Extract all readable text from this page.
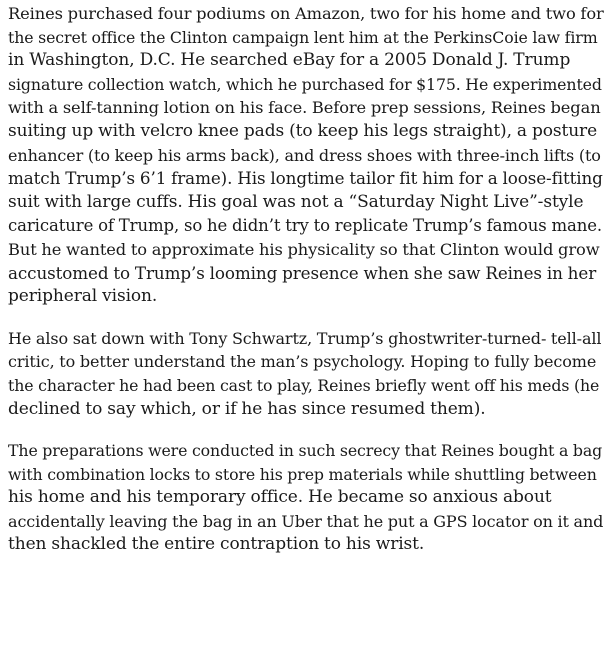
Reines purchased four podiums on Amazon, two for his home and two for
the secret office the Clinton campaign lent him at the PerkinsCoie law firm
in Washington, D.C. He searched eBay for a 2005 Donald J. Trump
signature collection watch, which he purchased for $175. He experimented
with a self-tanning lotion on his face. Before prep sessions, Reines began
suiting up with velcro knee pads (to keep his legs straight), a posture
enhancer (to keep his arms back), and dress shoes with three-inch lifts (to
match Trump’s 6’1 frame). His longtime tailor fit him for a loose-fitting
suit with large cuffs. His goal was not a “Saturday Night Live”-style
caricature of Trump, so he didn’t try to replicate Trump’s famous mane.
But he wanted to approximate his physicality so that Clinton would grow
accustomed to Trump’s looming presence when she saw Reines in her
peripheral vision.

He also sat down with Tony Schwartz, Trump’s ghostwriter-turned- tell-all
critic, to better understand the man’s psychology. Hoping to fully become
the character he had been cast to play, Reines briefly went off his meds (he
declined to say which, or if he has since resumed them).

The preparations were conducted in such secrecy that Reines bought a bag
with combination locks to store his prep materials while shuttling between
his home and his temporary office. He became so anxious about
accidentally leaving the bag in an Uber that he put a GPS locator on it and
then shackled the entire contraption to his wrist.
